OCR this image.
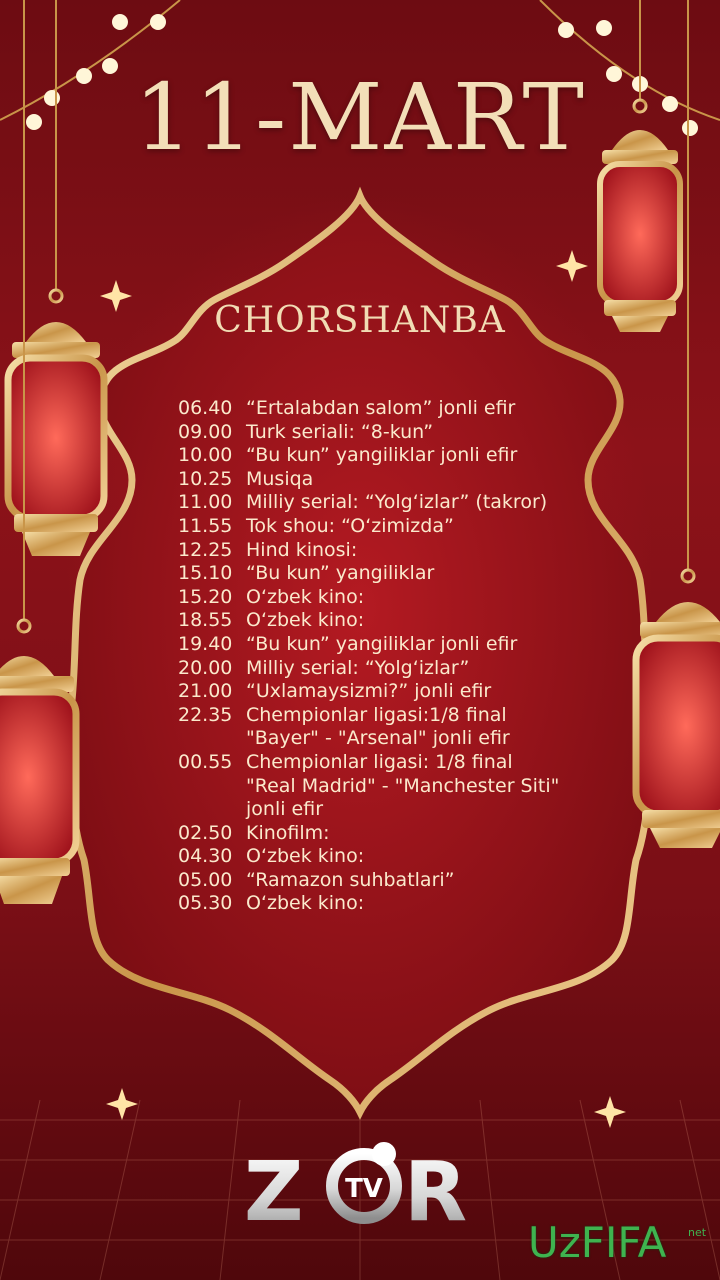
11-MART
CHORSHANBA
06.40 “Ertalabdan salom” jonli efir
09.00 Turk seriali: “8-kun”
10.00 “Bu kun” yangiliklar jonli efir
10.25 Musiqa
11.00 Milliy serial: “Yolg‘izlar” (takror)
11.55 Tok shou: “O‘zimizda”
12.25 Hind kinosi:
15.10 “Bu kun” yangiliklar
15.20 O‘zbek kino:
18.55 O‘zbek kino:
19.40 “Bu kun” yangiliklar jonli efir
20.00 Milliy serial: “Yolg‘izlar”
21.00 “Uxlamaysizmi?” jonli efir
22.35 Chempionlar ligasi:1/8 final
"Bayer" - "Arsenal" jonli efir
00.55 Chempionlar ligasi: 1/8 final
"Real Madrid" - "Manchester Siti"
jonli efir
02.50 Kinofilm:
04.30 O‘zbek kino:
05.00 “Ramazon suhbatlari”
05.30 O‘zbek kino:
Z TV R
UzFIFA net
